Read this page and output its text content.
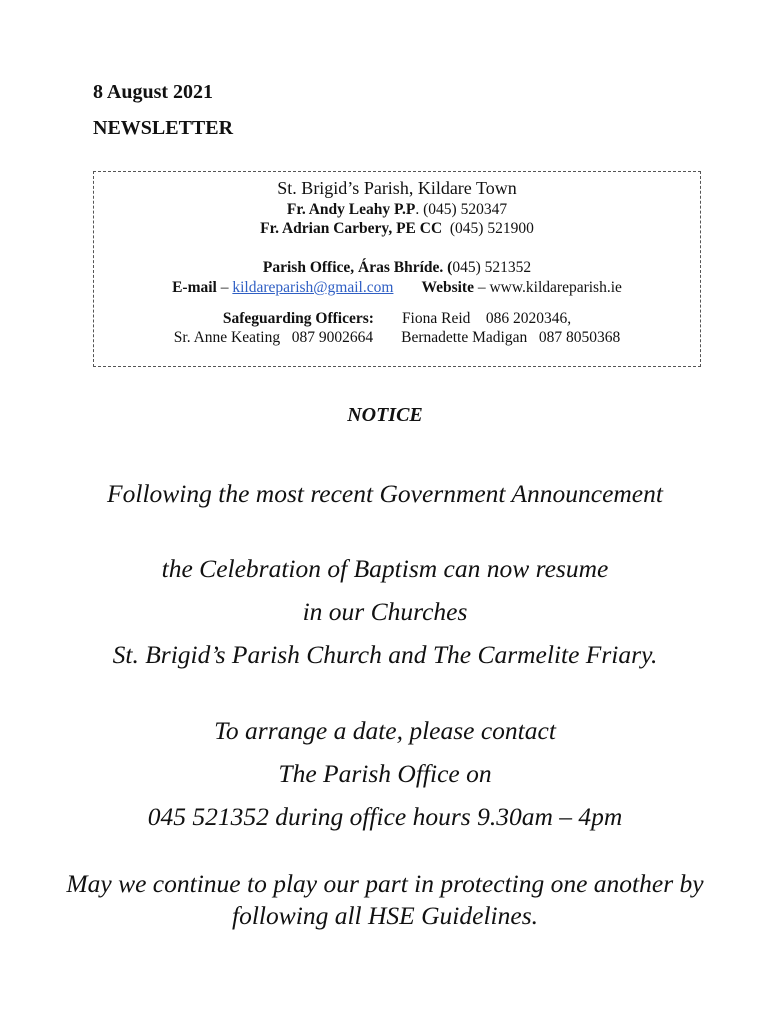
8 August 2021
NEWSLETTER
St. Brigid’s Parish, Kildare Town
Fr. Andy Leahy P.P. (045) 520347
Fr. Adrian Carbery, PE CC (045) 521900
Parish Office, Áras Bhríde. (045) 521352
E-mail – kildareparish@gmail.com Website – www.kildareparish.ie
Safeguarding Officers: Fiona Reid    086 2020346,
Sr. Anne Keating   087 9002664 Bernadette Madigan   087 8050368
NOTICE
Following the most recent Government Announcement
the Celebration of Baptism can now resume
in our Churches
St. Brigid’s Parish Church and The Carmelite Friary.
To arrange a date, please contact
The Parish Office on
045 521352 during office hours 9.30am – 4pm
May we continue to play our part in protecting one another by following all HSE Guidelines.
